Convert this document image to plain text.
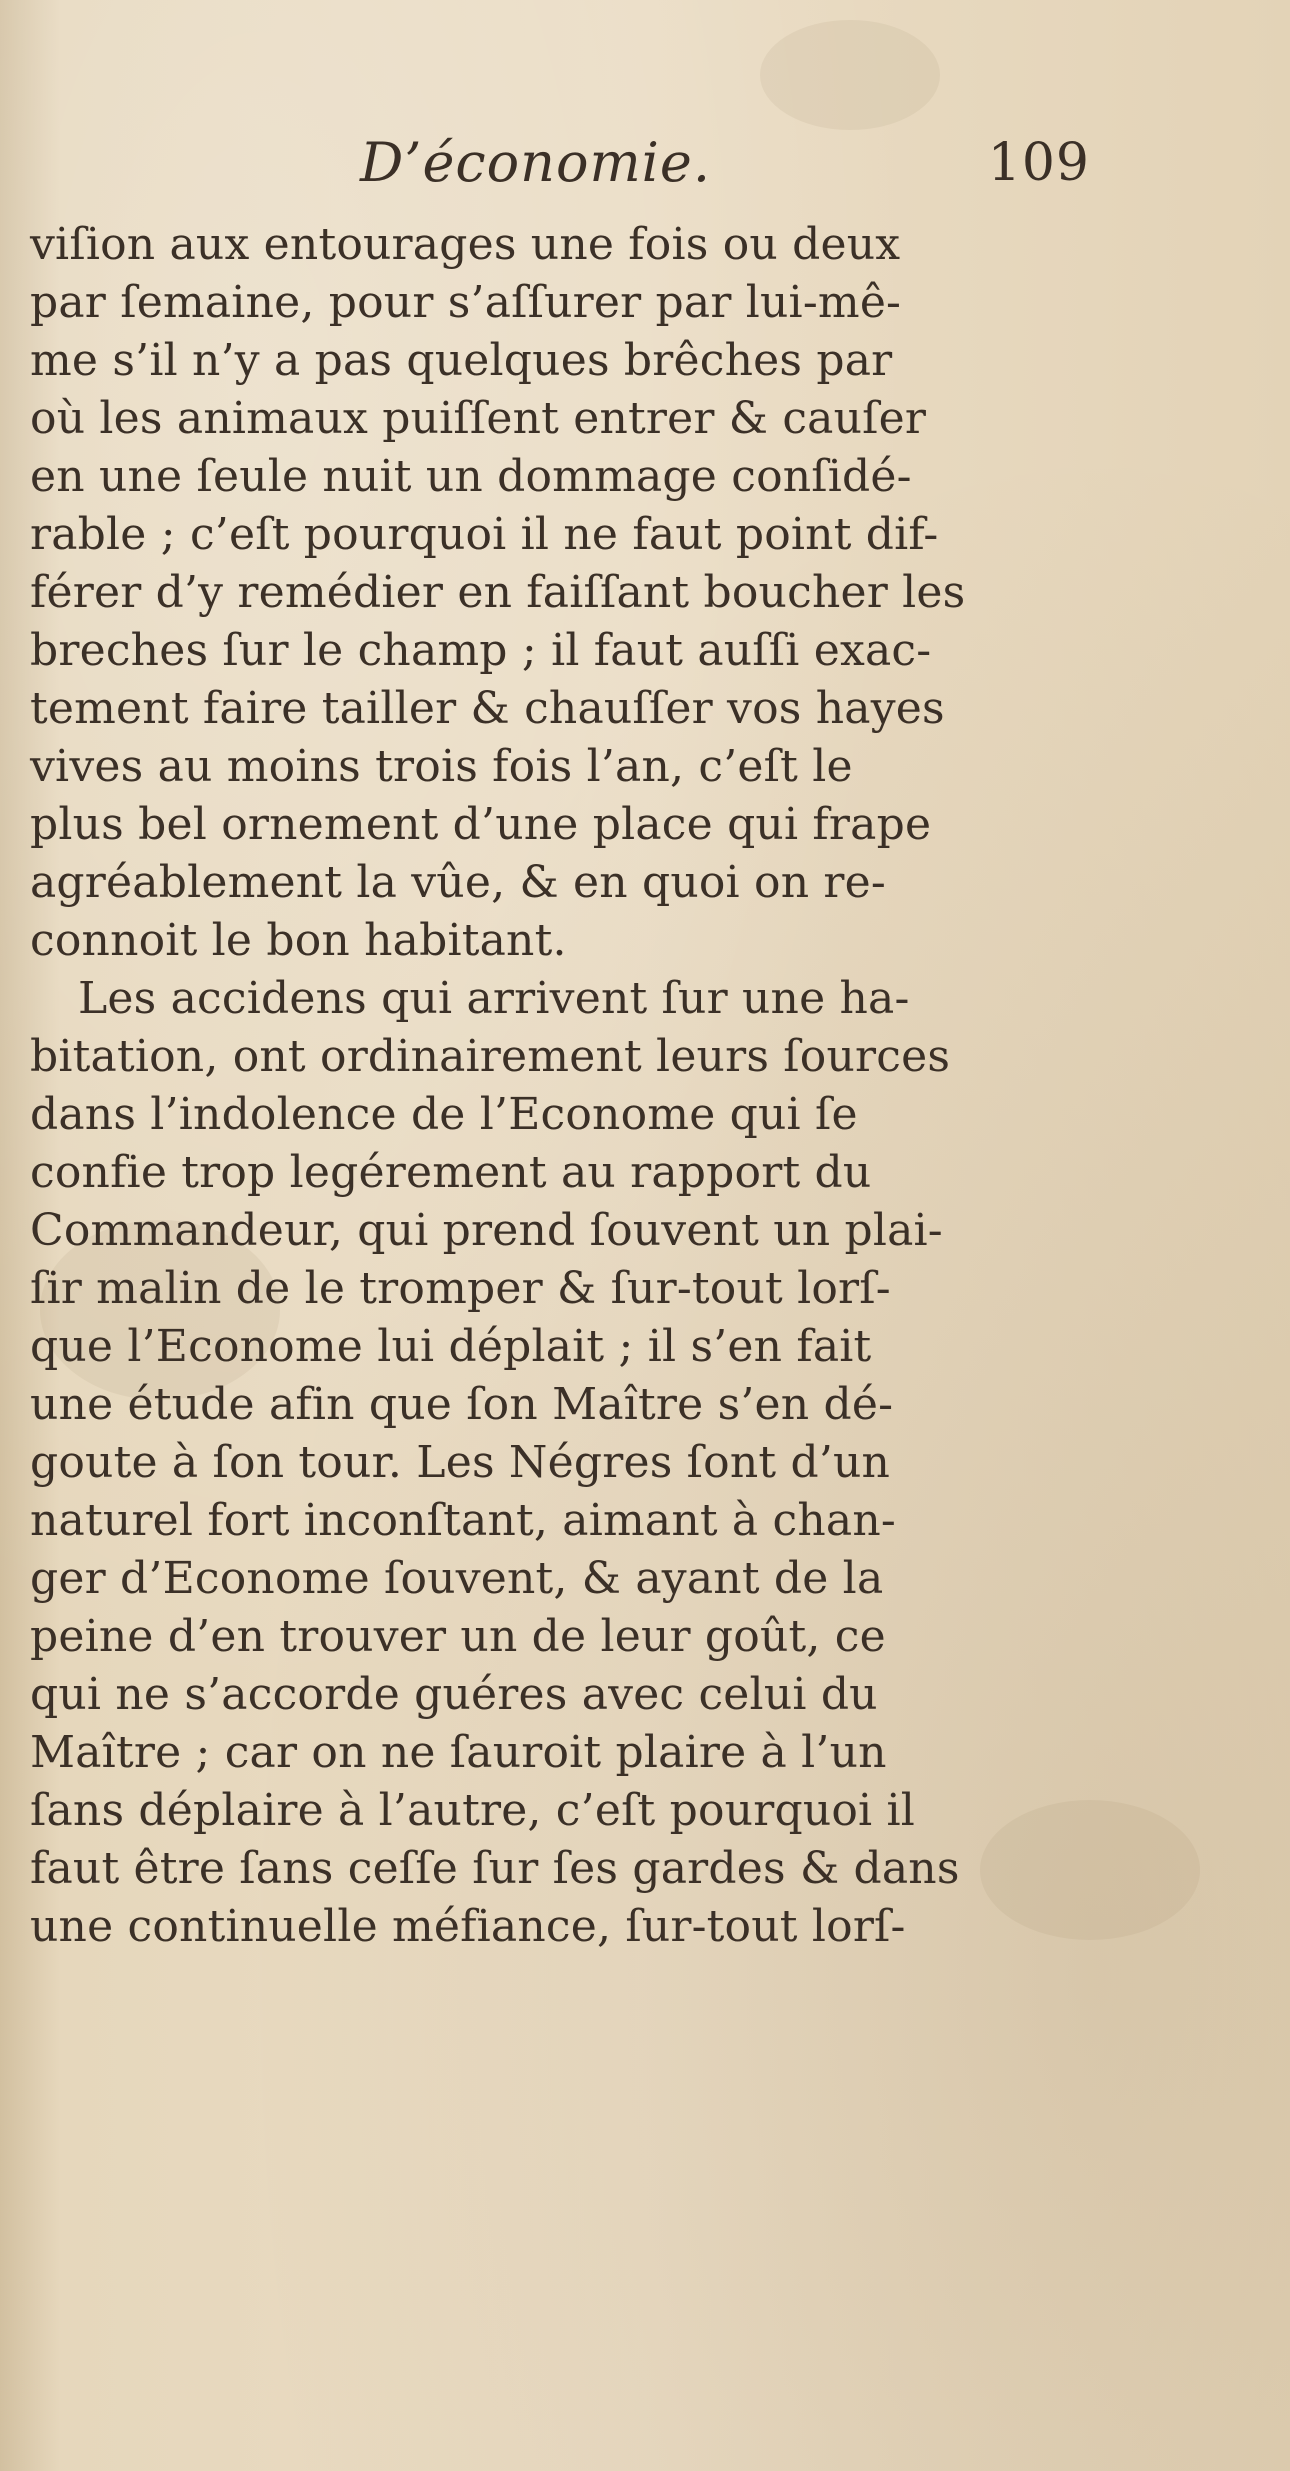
D’économie.	109
viſion aux entourages une fois ou deux
par ſemaine, pour s’aſſurer par lui-mê-
me s’il n’y a pas quelques brêches par
où les animaux puiſſent entrer & cauſer
en une ſeule nuit un dommage conſidé-
rable ; c’eſt pourquoi il ne faut point dif-
férer d’y remédier en faiſſant boucher les
breches ſur le champ ; il faut auſſi exac-
tement faire tailler & chauſſer vos hayes
vives au moins trois fois l’an, c’eſt le
plus bel ornement d’une place qui frape
agréablement la vûe, & en quoi on re-
connoit le bon habitant.
Les accidens qui arrivent ſur une ha-
bitation, ont ordinairement leurs ſources
dans l’indolence de l’Econome qui ſe
confie trop legérement au rapport du
Commandeur, qui prend ſouvent un plai-
ſir malin de le tromper & ſur-tout lorſ-
que l’Econome lui déplait ; il s’en fait
une étude afin que ſon Maître s’en dé-
goute à ſon tour. Les Négres ſont d’un
naturel fort inconſtant, aimant à chan-
ger d’Econome ſouvent, & ayant de la
peine d’en trouver un de leur goût, ce
qui ne s’accorde guéres avec celui du
Maître ; car on ne ſauroit plaire à l’un
ſans déplaire à l’autre, c’eſt pourquoi il
faut être ſans ceſſe ſur ſes gardes & dans
une continuelle méfiance, ſur-tout lorſ-
